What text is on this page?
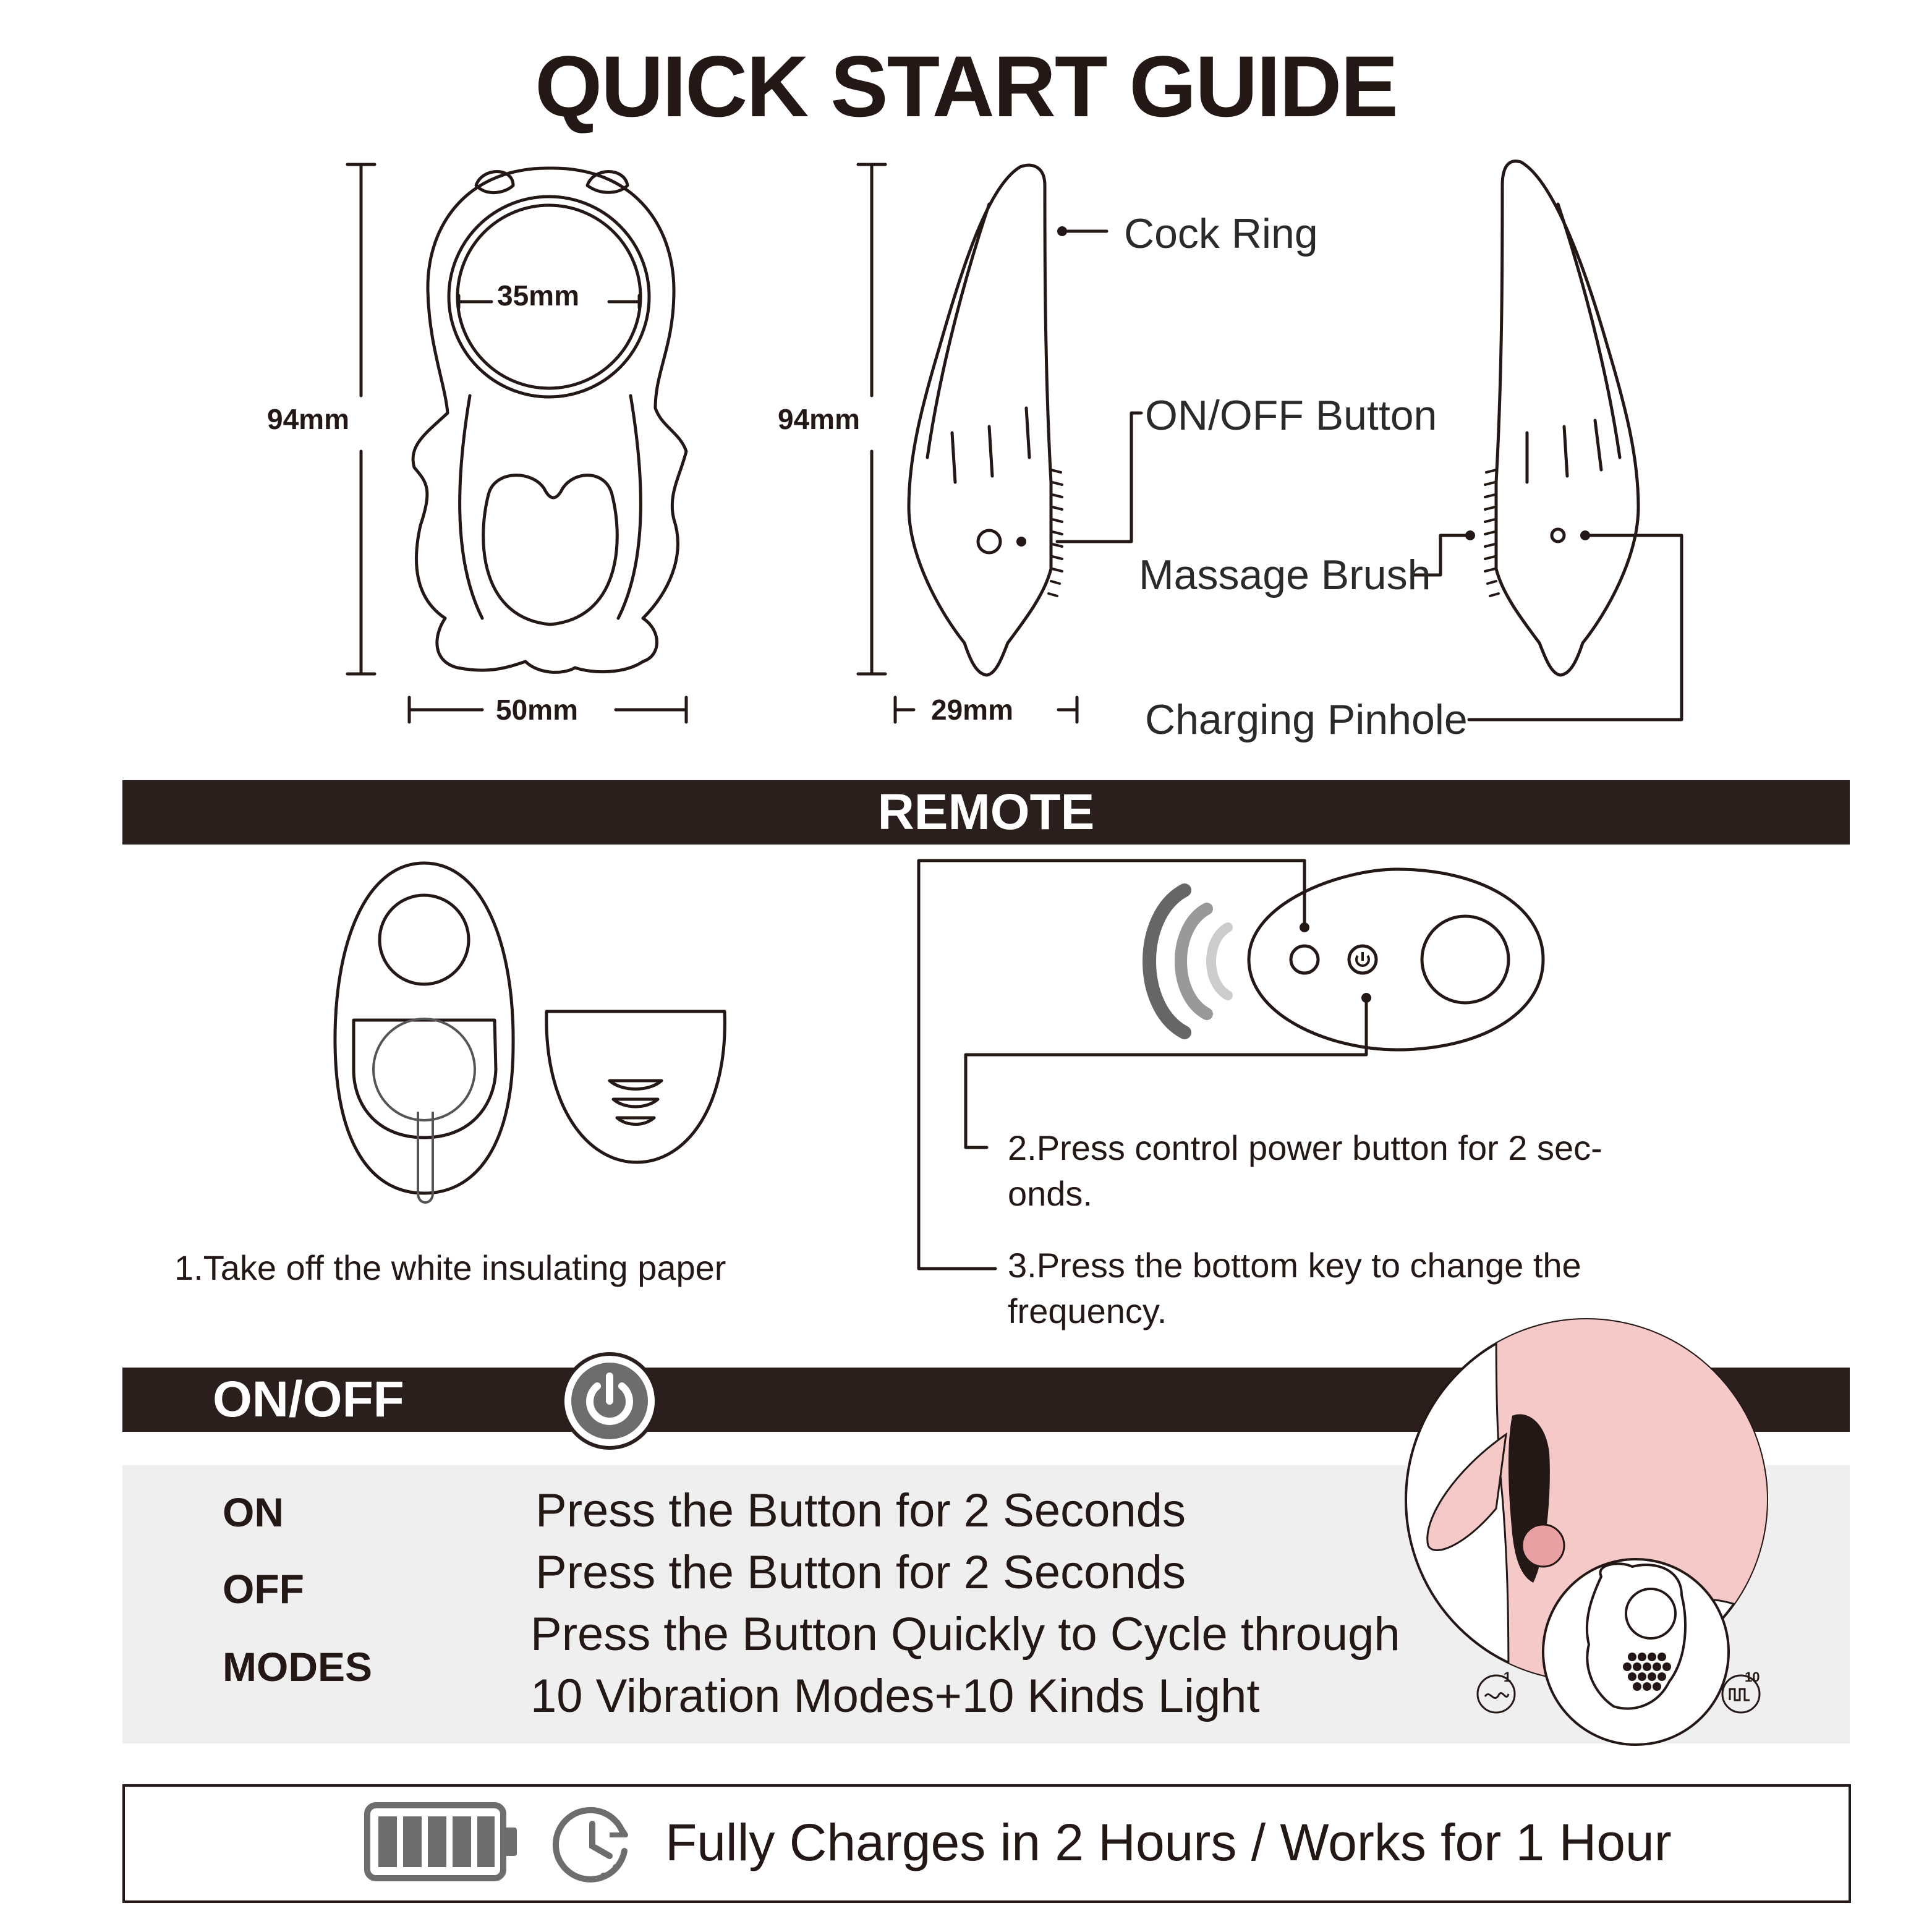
QUICK START GUIDE
94mm
35mm
50mm
94mm
29mm
Cock Ring
ON/OFF Button
Massage Brush
Charging Pinhole
REMOTE
1.Take off the white insulating paper
2.Press control power button for 2 sec-
onds.
3.Press the bottom key to change the
frequency.
ON/OFF
ON	Press the Button for 2 Seconds
OFF	Press the Button for 2 Seconds
MODES
Press the Button Quickly to Cycle through
10 Vibration Modes+10 Kinds Light	1	10
Fully Charges in 2 Hours / Works for 1 Hour
